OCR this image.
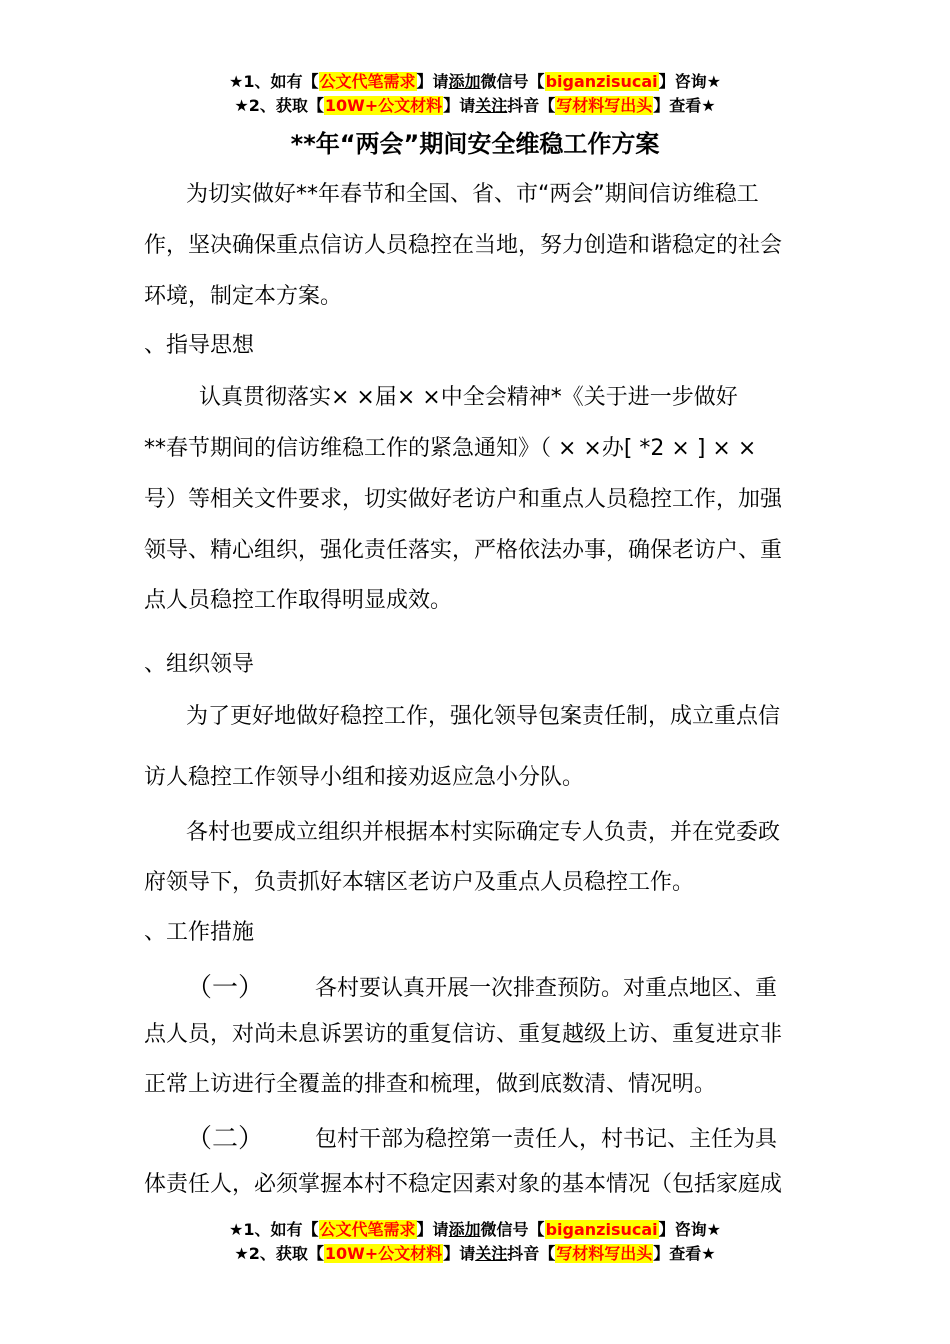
★1、如有【公文代笔需求】请添加微信号【biganzisucai】咨询★
★2、获取【10W+公文材料】请关注抖音【写材料写出头】查看★
**年“两会”期间安全维稳工作方案
为切实做好**年春节和全国、省、市“两会”期间信访维稳工
作，坚决确保重点信访人员稳控在当地，努力创造和谐稳定的社会
环境，制定本方案。
、指导思想
认真贯彻落实× ×届× ×中全会精神*《关于进一步做好
**春节期间的信访维稳工作的紧急通知》（ × ×办[ *2 × ] × ×
号）等相关文件要求，切实做好老访户和重点人员稳控工作，加强
领导、精心组织，强化责任落实，严格依法办事，确保老访户、重
点人员稳控工作取得明显成效。
、组织领导
为了更好地做好稳控工作，强化领导包案责任制，成立重点信
访人稳控工作领导小组和接劝返应急小分队。
各村也要成立组织并根据本村实际确定专人负责，并在党委政
府领导下，负责抓好本辖区老访户及重点人员稳控工作。
、工作措施
（一）	各村要认真开展一次排查预防。对重点地区、重
点人员，对尚未息诉罢访的重复信访、重复越级上访、重复进京非
正常上访进行全覆盖的排查和梳理，做到底数清、情况明。
（二）	包村干部为稳控第一责任人，村书记、主任为具
体责任人，必须掌握本村不稳定因素对象的基本情况（包括家庭成
★1、如有【公文代笔需求】请添加微信号【biganzisucai】咨询★
★2、获取【10W+公文材料】请关注抖音【写材料写出头】查看★
